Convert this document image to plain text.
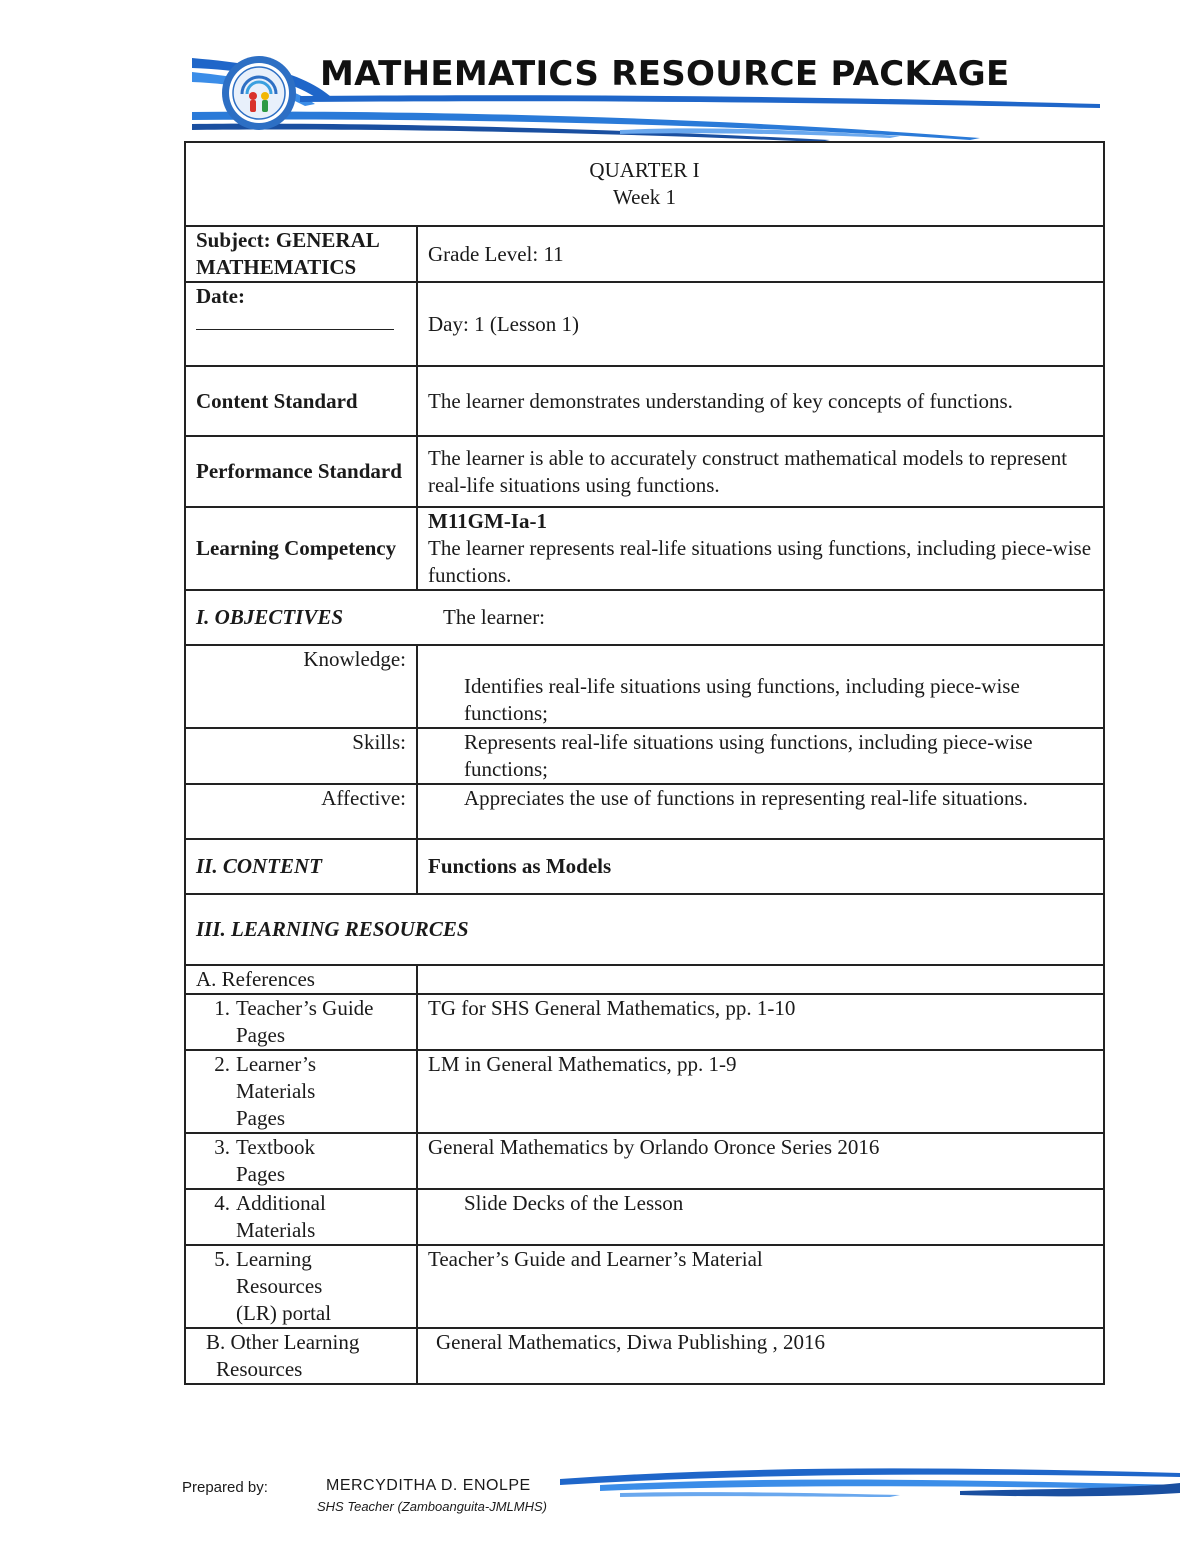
MATHEMATICS RESOURCE PACKAGE
QUARTER I
Week 1	

Subject: GENERAL MATHEMATICS	Grade Level: 11

Date:	Day: 1 (Lesson 1)
Content Standard	The learner demonstrates understanding of key concepts of functions.
Performance Standard	The learner is able to accurately construct mathematical models to represent real-life situations using functions.
Learning Competency	M11GM-Ia-1
The learner represents real-life situations using functions, including piece-wise functions.

I. OBJECTIVES The learner:	
Knowledge:	Identifies real-life situations using functions, including piece-wise functions;
Skills:	Represents real-life situations using functions, including piece-wise functions;
Affective:	Appreciates the use of functions in representing real-life situations.
II. CONTENT	Functions as Models
III. LEARNING RESOURCES	
A. References	
1. Teacher’s Guide Pages	TG for SHS General Mathematics, pp. 1-10
2. Learner’s Materials Pages	LM in General Mathematics, pp. 1-9
3. Textbook Pages	General Mathematics by Orlando Oronce Series 2016
4. Additional Materials	Slide Decks of the Lesson
5. Learning Resources (LR) portal	Teacher’s Guide and Learner’s Material
B. Other Learning Resources	General Mathematics, Diwa Publishing , 2016
Prepared by:	MERCYDITHA D. ENOLPE
SHS Teacher (Zamboanguita-JMLMHS)
